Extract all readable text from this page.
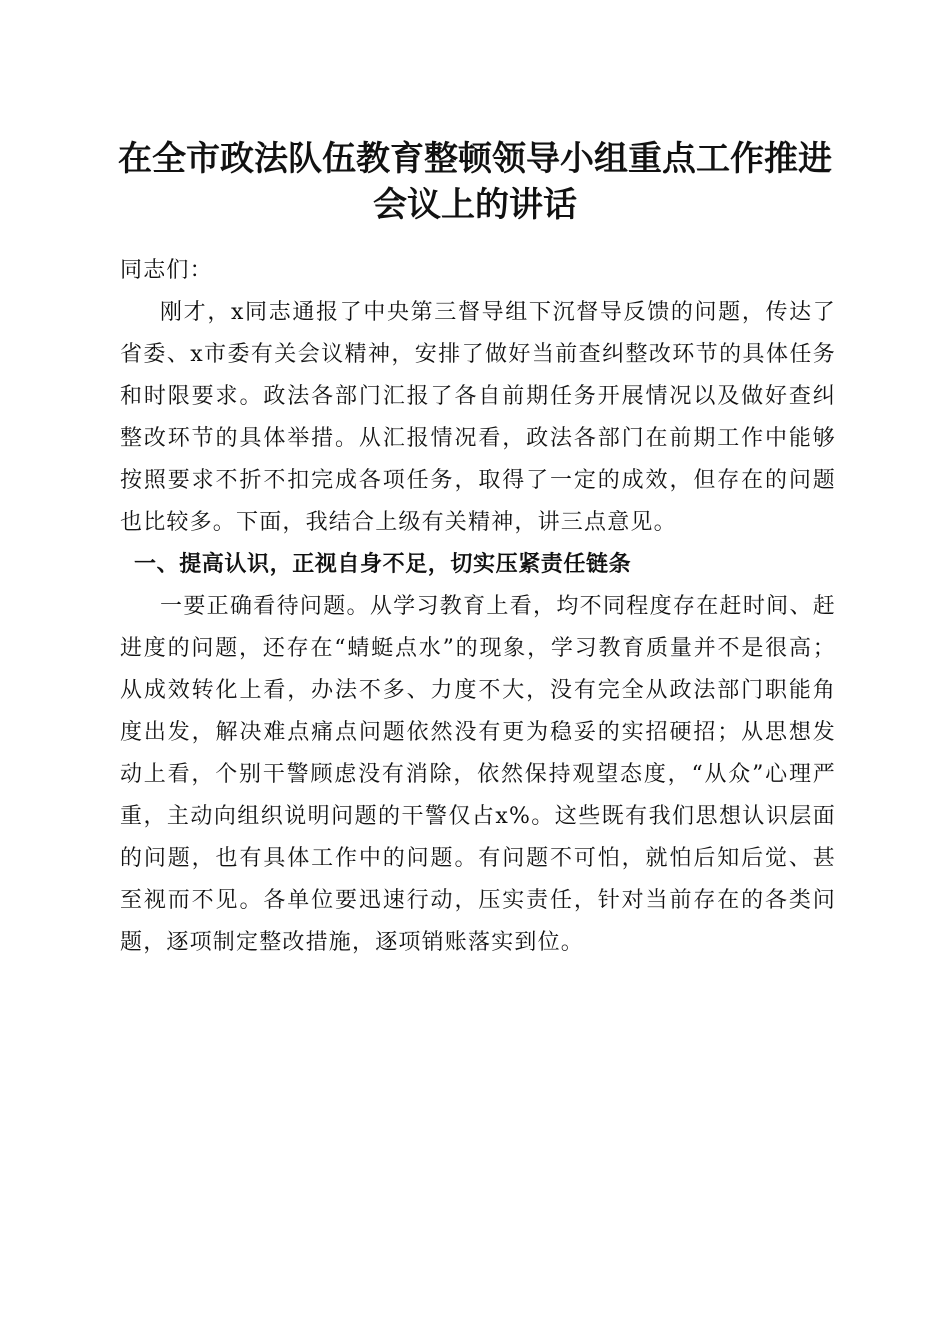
在全市政法队伍教育整顿领导小组重点工作推进会议上的讲话

同志们：

刚才，x同志通报了中央第三督导组下沉督导反馈的问题，传达了省委、x市委有关会议精神，安排了做好当前查纠整改环节的具体任务和时限要求。政法各部门汇报了各自前期任务开展情况以及做好查纠整改环节的具体举措。从汇报情况看，政法各部门在前期工作中能够按照要求不折不扣完成各项任务，取得了一定的成效，但存在的问题也比较多。下面，我结合上级有关精神，讲三点意见。

一、提高认识，正视自身不足，切实压紧责任链条

一要正确看待问题。从学习教育上看，均不同程度存在赶时间、赶进度的问题，还存在“蜻蜓点水”的现象，学习教育质量并不是很高；从成效转化上看，办法不多、力度不大，没有完全从政法部门职能角度出发，解决难点痛点问题依然没有更为稳妥的实招硬招；从思想发动上看，个别干警顾虑没有消除，依然保持观望态度，“从众”心理严重，主动向组织说明问题的干警仅占x%。这些既有我们思想认识层面的问题，也有具体工作中的问题。有问题不可怕，就怕后知后觉、甚至视而不见。各单位要迅速行动，压实责任，针对当前存在的各类问题，逐项制定整改措施，逐项销账落实到位。
